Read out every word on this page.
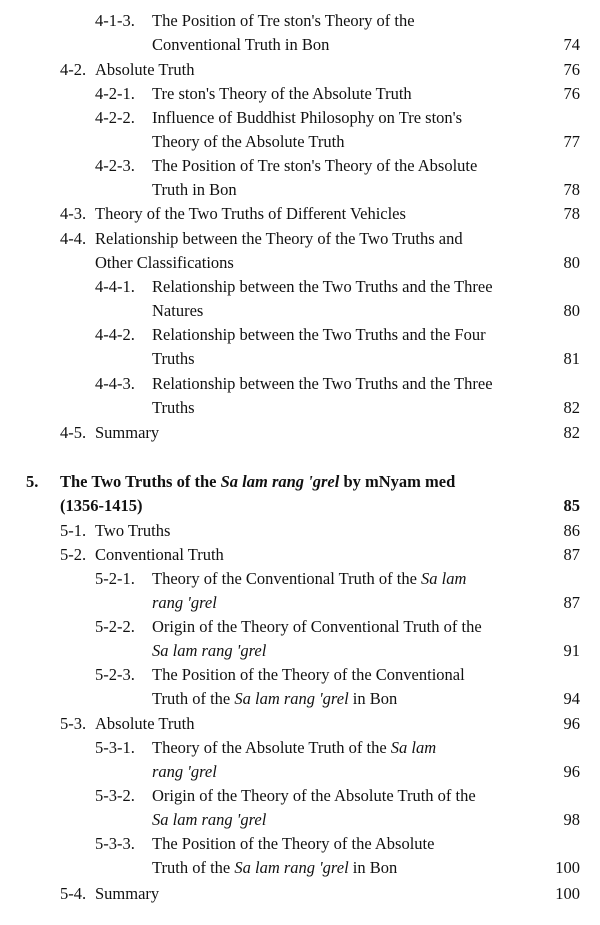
4-1-3. The Position of Tre ston's Theory of the
Conventional Truth in Bon	74
4-2. Absolute Truth	76
4-2-1. Tre ston's Theory of the Absolute Truth	76
4-2-2. Influence of Buddhist Philosophy on Tre ston's
Theory of the Absolute Truth	77
4-2-3. The Position of Tre ston's Theory of the Absolute
Truth in Bon	78
4-3. Theory of the Two Truths of Different Vehicles	78
4-4. Relationship between the Theory of the Two Truths and
Other Classifications	80
4-4-1. Relationship between the Two Truths and the Three
Natures	80
4-4-2. Relationship between the Two Truths and the Four
Truths	81
4-4-3. Relationship between the Two Truths and the Three
Truths	82
4-5. Summary	82
5. The Two Truths of the Sa lam rang 'grel by mNyam med
(1356-1415)	85
5-1. Two Truths	86
5-2. Conventional Truth	87
5-2-1. Theory of the Conventional Truth of the Sa lam
rang 'grel	87
5-2-2. Origin of the Theory of Conventional Truth of the
Sa lam rang 'grel	91
5-2-3. The Position of the Theory of the Conventional
Truth of the Sa lam rang 'grel in Bon	94
5-3. Absolute Truth	96
5-3-1. Theory of the Absolute Truth of the Sa lam
rang 'grel	96
5-3-2. Origin of the Theory of the Absolute Truth of the
Sa lam rang 'grel	98
5-3-3. The Position of the Theory of the Absolute
Truth of the Sa lam rang 'grel in Bon	100
5-4. Summary	100
